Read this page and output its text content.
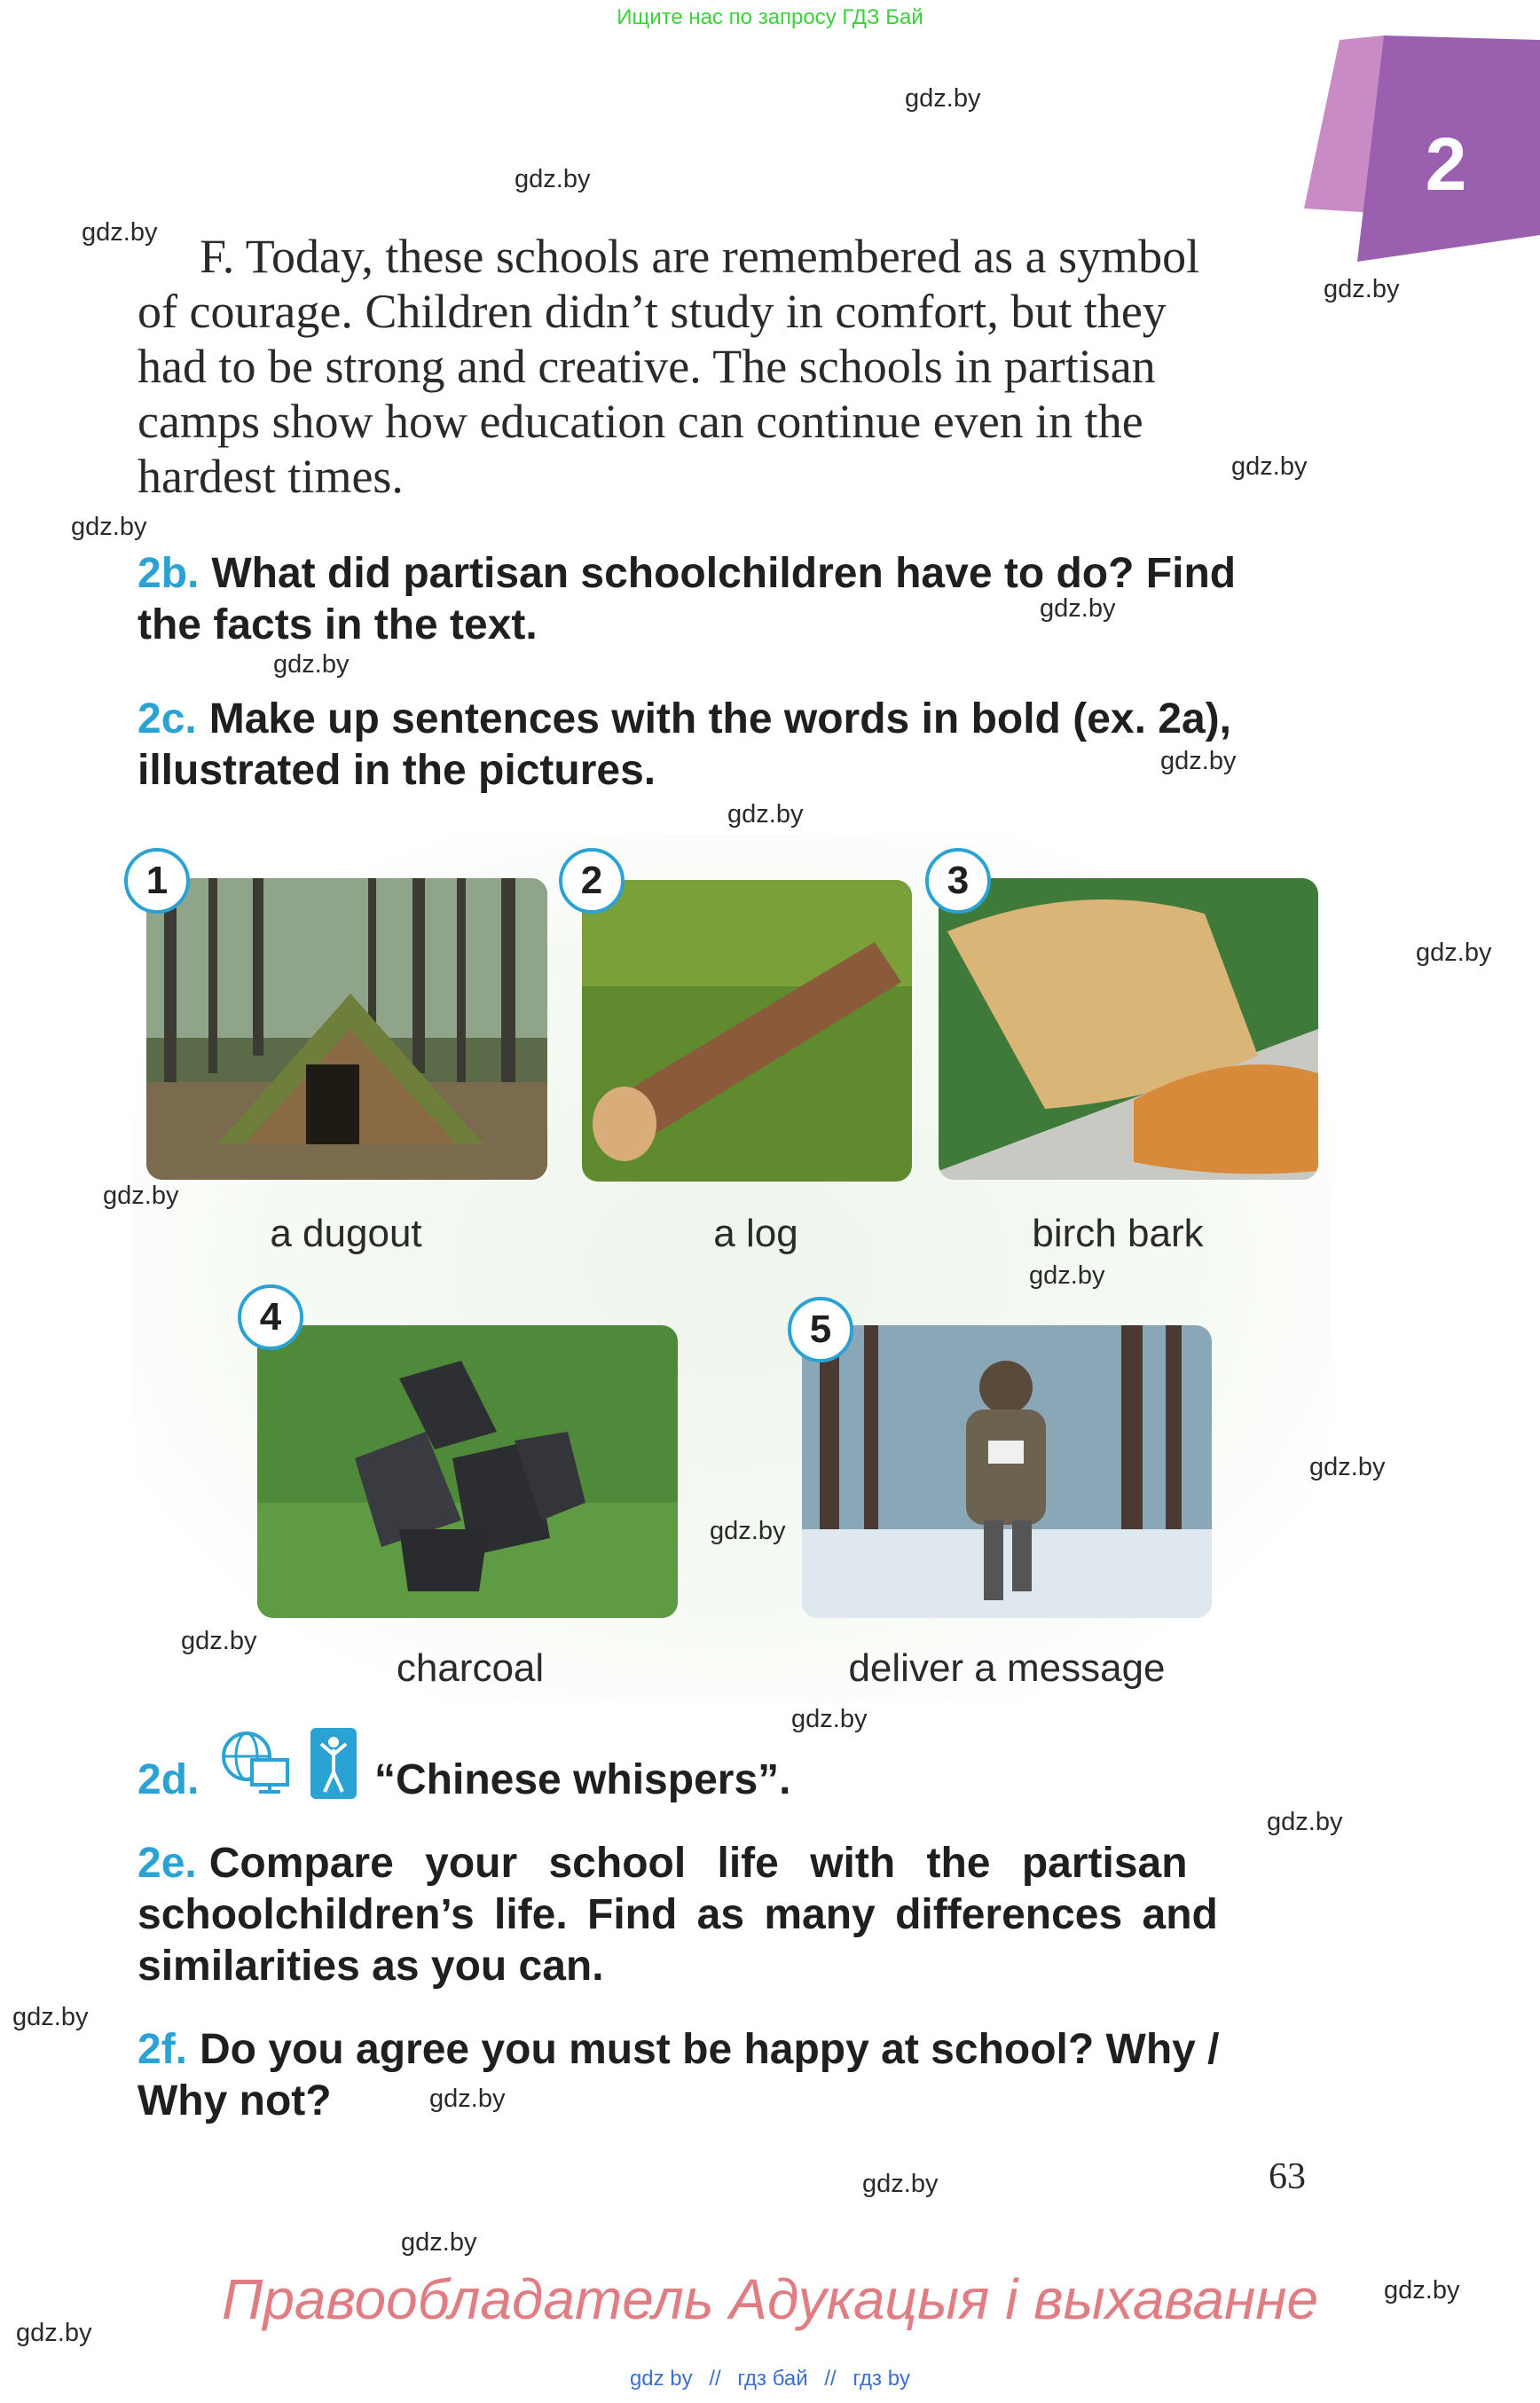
Ищите нас по запросу ГДЗ Бай
2
F. Today, these schools are remembered as a symbol
of courage. Children didn’t study in comfort, but they
had to be strong and creative. The schools in partisan
camps show how education can continue even in the
hardest times.
2b. What did partisan schoolchildren have to do? Find
the facts in the text.
2c. Make up sentences with the words in bold (ex. 2a),
illustrated in the pictures.
1
a dugout
2
a log
3
birch bark
4
charcoal
5
deliver a message
2d.	“Chinese whispers”.
2e. Compare your school life with the partisan
schoolchildren’s life. Find as many differences and
similarities as you can.
2f. Do you agree you must be happy at school? Why /
Why not?
63
Правообладатель Адукацыя і выхаванне
gdz by // гдз бай // гдз by
gdz.by
gdz.by
gdz.by
gdz.by
gdz.by
gdz.by
gdz.by
gdz.by
gdz.by
gdz.by
gdz.by
gdz.by
gdz.by
gdz.by
gdz.by
gdz.by
gdz.by
gdz.by
gdz.by
gdz.by
gdz.by
gdz.by
gdz.by
gdz.by
